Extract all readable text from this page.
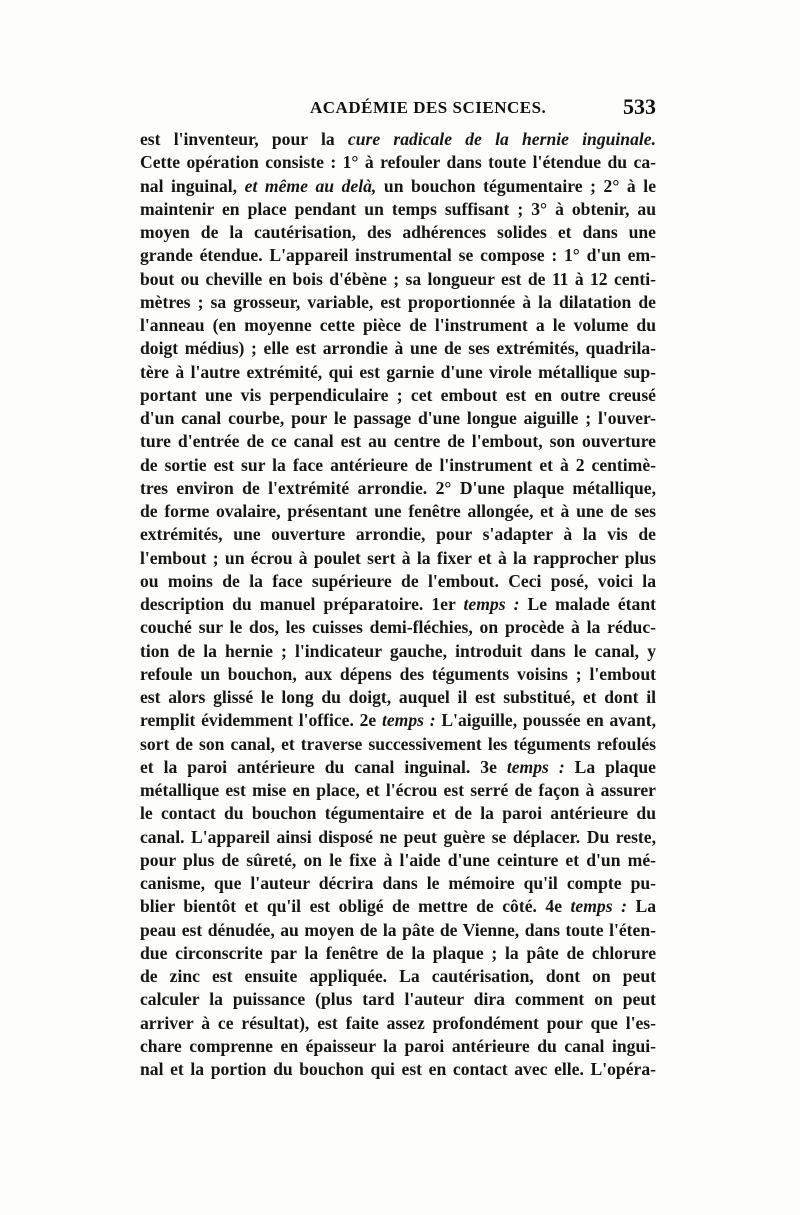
ACADÉMIE DES SCIENCES.	533
est l'inventeur, pour la cure radicale de la hernie inguinale.
Cette opération consiste : 1° à refouler dans toute l'étendue du ca-
nal inguinal, et même au delà, un bouchon tégumentaire ; 2° à le
maintenir en place pendant un temps suffisant ; 3° à obtenir, au
moyen de la cautérisation, des adhérences solides et dans une
grande étendue. L'appareil instrumental se compose : 1° d'un em-
bout ou cheville en bois d'ébène ; sa longueur est de 11 à 12 centi-
mètres ; sa grosseur, variable, est proportionnée à la dilatation de
l'anneau (en moyenne cette pièce de l'instrument a le volume du
doigt médius) ; elle est arrondie à une de ses extrémités, quadrila-
tère à l'autre extrémité, qui est garnie d'une virole métallique sup-
portant une vis perpendiculaire ; cet embout est en outre creusé
d'un canal courbe, pour le passage d'une longue aiguille ; l'ouver-
ture d'entrée de ce canal est au centre de l'embout, son ouverture
de sortie est sur la face antérieure de l'instrument et à 2 centimè-
tres environ de l'extrémité arrondie. 2° D'une plaque métallique,
de forme ovalaire, présentant une fenêtre allongée, et à une de ses
extrémités, une ouverture arrondie, pour s'adapter à la vis de
l'embout ; un écrou à poulet sert à la fixer et à la rapprocher plus
ou moins de la face supérieure de l'embout. Ceci posé, voici la
description du manuel préparatoire. 1er temps : Le malade étant
couché sur le dos, les cuisses demi-fléchies, on procède à la réduc-
tion de la hernie ; l'indicateur gauche, introduit dans le canal, y
refoule un bouchon, aux dépens des téguments voisins ; l'embout
est alors glissé le long du doigt, auquel il est substitué, et dont il
remplit évidemment l'office. 2e temps : L'aiguille, poussée en avant,
sort de son canal, et traverse successivement les téguments refoulés
et la paroi antérieure du canal inguinal. 3e temps : La plaque
métallique est mise en place, et l'écrou est serré de façon à assurer
le contact du bouchon tégumentaire et de la paroi antérieure du
canal. L'appareil ainsi disposé ne peut guère se déplacer. Du reste,
pour plus de sûreté, on le fixe à l'aide d'une ceinture et d'un mé-
canisme, que l'auteur décrira dans le mémoire qu'il compte pu-
blier bientôt et qu'il est obligé de mettre de côté. 4e temps : La
peau est dénudée, au moyen de la pâte de Vienne, dans toute l'éten-
due circonscrite par la fenêtre de la plaque ; la pâte de chlorure
de zinc est ensuite appliquée. La cautérisation, dont on peut
calculer la puissance (plus tard l'auteur dira comment on peut
arriver à ce résultat), est faite assez profondément pour que l'es-
chare comprenne en épaisseur la paroi antérieure du canal ingui-
nal et la portion du bouchon qui est en contact avec elle. L'opéra-
